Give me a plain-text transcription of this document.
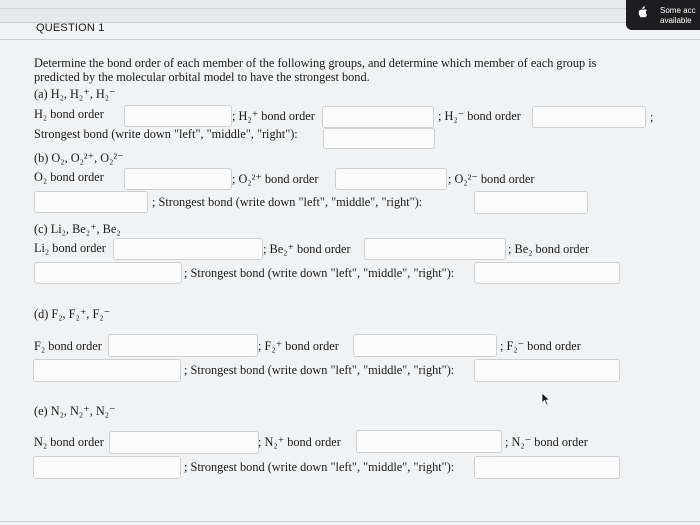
Some acc
available
QUESTION 1
Determine the bond order of each member of the following groups, and determine which member of each group is
predicted by the molecular orbital model to have the strongest bond.
(a) H₂, H₂⁺, H₂⁻
H₂ bond order	; H₂⁺ bond order	; H₂⁻ bond order	;
Strongest bond (write down "left", "middle", "right"):
(b) O₂, O₂²⁺, O₂²⁻
O₂ bond order	; O₂²⁺ bond order	; O₂²⁻ bond order
; Strongest bond (write down "left", "middle", "right"):
(c) Li₂, Be₂⁺, Be₂
Li₂ bond order	; Be₂⁺ bond order	; Be₂ bond order
; Strongest bond (write down "left", "middle", "right"):
(d) F₂, F₂⁺, F₂⁻
F₂ bond order	; F₂⁺ bond order	; F₂⁻ bond order
; Strongest bond (write down "left", "middle", "right"):
(e) N₂, N₂⁺, N₂⁻
N₂ bond order	; N₂⁺ bond order	; N₂⁻ bond order
; Strongest bond (write down "left", "middle", "right"):
